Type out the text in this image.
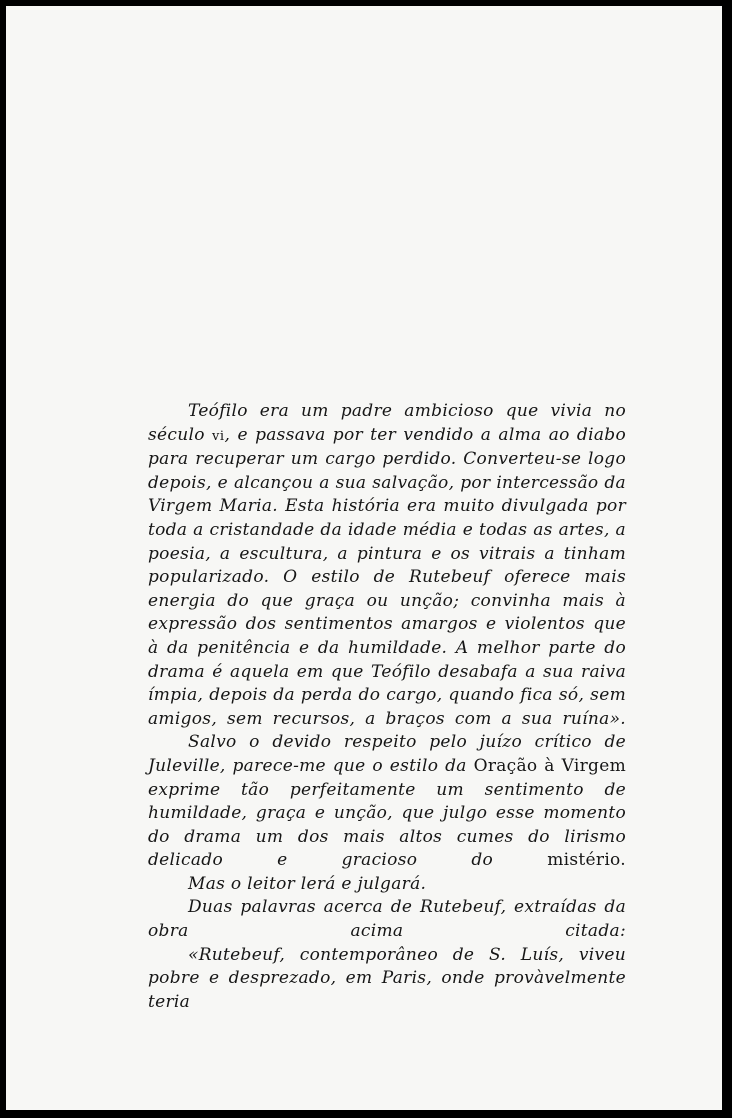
Teófilo era um padre ambicioso que vivia no século vi, e passava por ter vendido a alma ao diabo para recuperar um cargo perdido. Converteu-se logo depois, e alcançou a sua salvação, por intercessão da Virgem Maria. Esta história era muito divulgada por toda a cristandade da idade média e todas as artes, a poesia, a escultura, a pintura e os vitrais a tinham popularizado. O estilo de Rutebeuf oferece mais energia do que graça ou unção; convinha mais à expressão dos sentimentos amargos e violentos que à da penitência e da humildade. A melhor parte do drama é aquela em que Teófilo desabafa a sua raiva ímpia, depois da perda do cargo, quando fica só, sem amigos, sem recursos, a braços com a sua ruína».

Salvo o devido respeito pelo juízo crítico de Juleville, parece-me que o estilo da Oração à Virgem exprime tão perfeitamente um sentimento de humildade, graça e unção, que julgo esse momento do drama um dos mais altos cumes do lirismo delicado e gracioso do mistério.

Mas o leitor lerá e julgará.

Duas palavras acerca de Rutebeuf, extraídas da obra acima citada:

«Rutebeuf, contemporâneo de S. Luís, viveu pobre e desprezado, em Paris, onde provàvelmente teria
